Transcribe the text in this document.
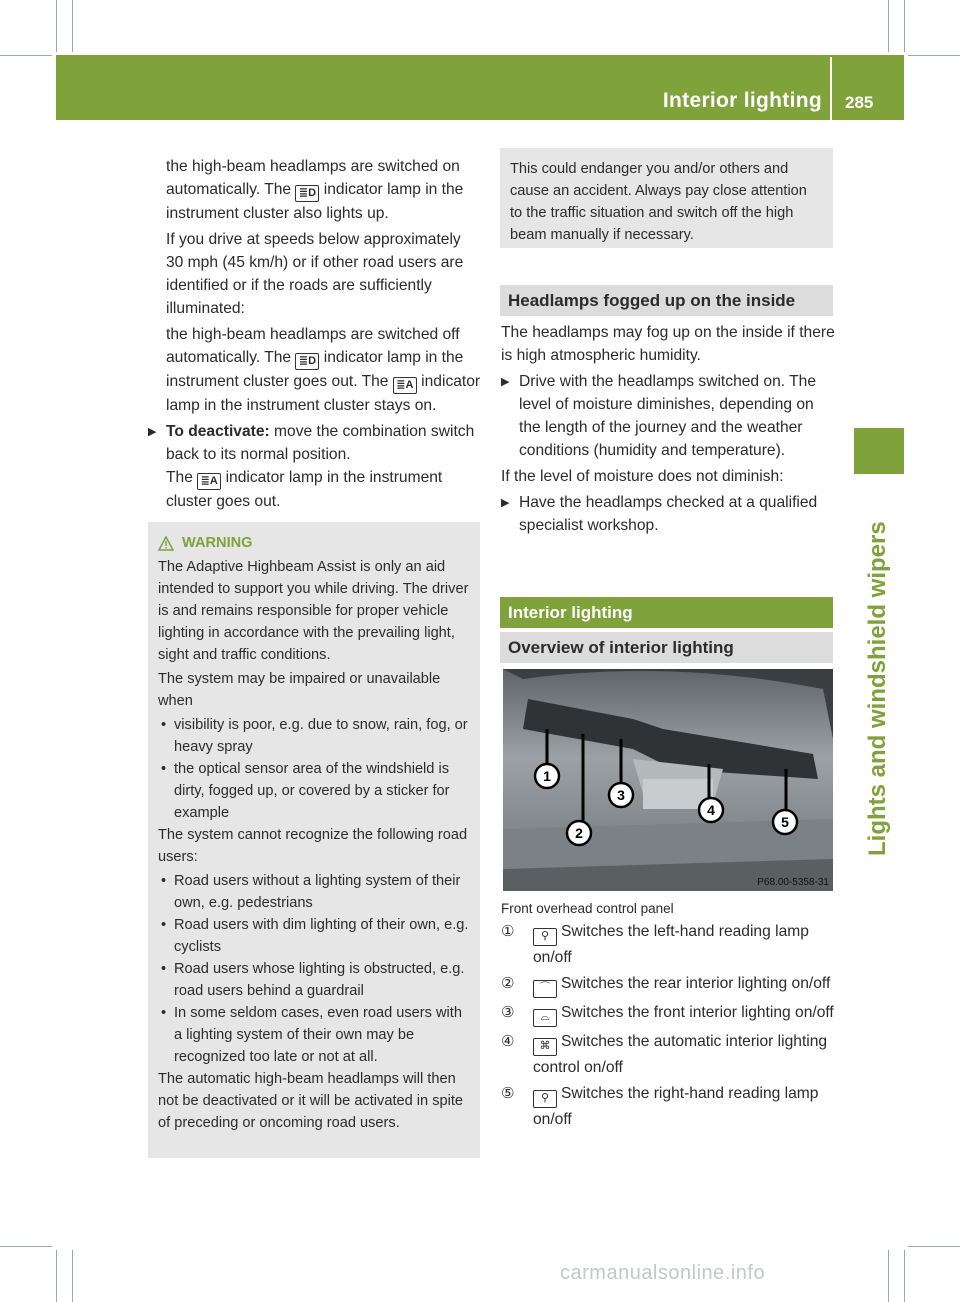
Interior lighting 285
Lights and windshield wipers

the high-beam headlamps are switched on automatically. The ≣D indicator lamp in the instrument cluster also lights up.

If you drive at speeds below approximately 30 mph (45 km/h) or if other road users are identified or if the roads are sufficiently illuminated:

the high-beam headlamps are switched off automatically. The ≣D indicator lamp in the instrument cluster goes out. The ≣A indicator lamp in the instrument cluster stays on.

▶ To deactivate: move the combination switch back to its normal position.
The ≣A indicator lamp in the instrument cluster goes out.
WARNING

The Adaptive Highbeam Assist is only an aid intended to support you while driving. The driver is and remains responsible for proper vehicle lighting in accordance with the prevailing light, sight and traffic conditions.

The system may be impaired or unavailable when

• visibility is poor, e.g. due to snow, rain, fog, or heavy spray
• the optical sensor area of the windshield is dirty, fogged up, or covered by a sticker for example

The system cannot recognize the following road users:

• Road users without a lighting system of their own, e.g. pedestrians
• Road users with dim lighting of their own, e.g. cyclists
• Road users whose lighting is obstructed, e.g. road users behind a guardrail
• In some seldom cases, even road users with a lighting system of their own may be recognized too late or not at all.

The automatic high-beam headlamps will then not be deactivated or it will be activated in spite of preceding or oncoming road users.

This could endanger you and/or others and cause an accident. Always pay close attention to the traffic situation and switch off the high beam manually if necessary.

Headlamps fogged up on the inside

The headlamps may fog up on the inside if there is high atmospheric humidity.

▶ Drive with the headlamps switched on. The level of moisture diminishes, depending on the length of the journey and the weather conditions (humidity and temperature).

If the level of moisture does not diminish:

▶ Have the headlamps checked at a qualified specialist workshop.
Interior lighting
Overview of interior lighting
1
2
3
4
5
P68.00-5358-31
Front overhead control panel
① ⚲ Switches the left-hand reading lamp on/off
② ⌒ Switches the rear interior lighting on/off
③ ⌓ Switches the front interior lighting on/off
④ ⌘ Switches the automatic interior lighting control on/off
⑤ ⚲ Switches the right-hand reading lamp on/off
carmanualsonline.info
